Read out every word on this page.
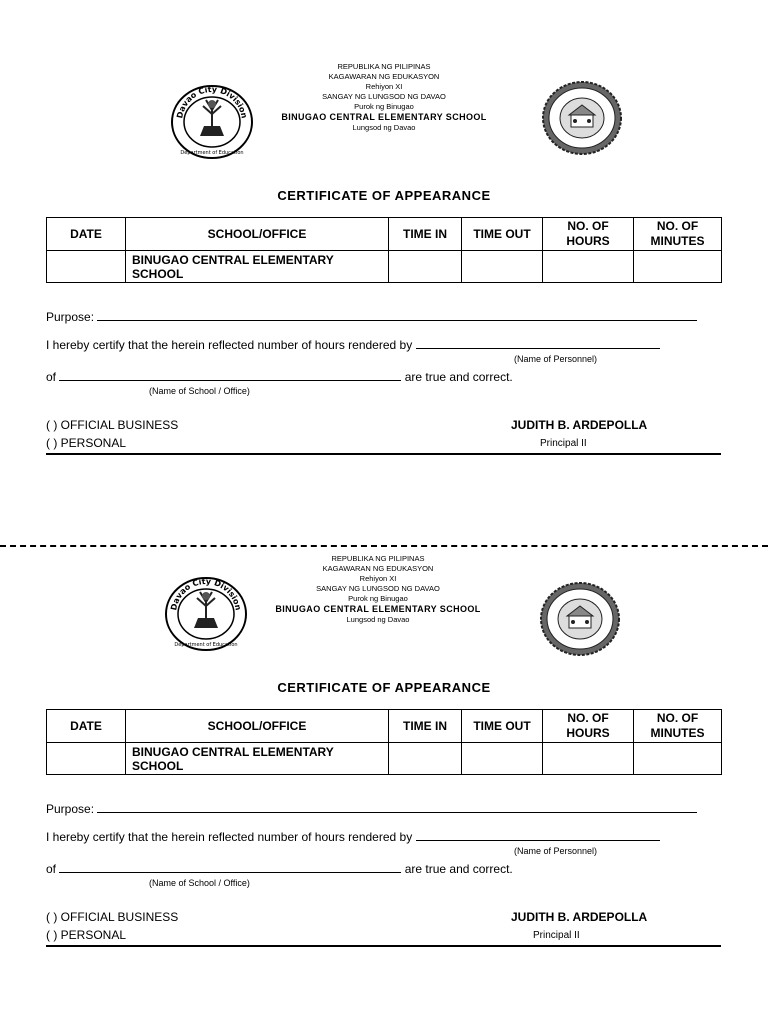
Davao City Division
Department of Education
REPUBLIKA NG PILIPINAS
KAGAWARAN NG EDUKASYON
Rehiyon XI
SANGAY NG LUNGSOD NG DAVAO
Purok ng Binugao
BINUGAO CENTRAL ELEMENTARY SCHOOL
Lungsod ng Davao
CERTIFICATE OF APPEARANCE
DATE	SCHOOL/OFFICE	TIME IN	TIME OUT	NO. OF HOURS	NO. OF MINUTES
	BINUGAO CENTRAL ELEMENTARY SCHOOL				
Purpose:
I hereby certify that the herein reflected number of hours rendered by
(Name of Personnel)
of	are true and correct.
(Name of School / Office)
( ) OFFICIAL BUSINESS
( ) PERSONAL
JUDITH B. ARDEPOLLA
Principal II
Davao City Division
Department of Education
REPUBLIKA NG PILIPINAS
KAGAWARAN NG EDUKASYON
Rehiyon XI
SANGAY NG LUNGSOD NG DAVAO
Purok ng Binugao
BINUGAO CENTRAL ELEMENTARY SCHOOL
Lungsod ng Davao
CERTIFICATE OF APPEARANCE
DATE	SCHOOL/OFFICE	TIME IN	TIME OUT	NO. OF HOURS	NO. OF MINUTES
	BINUGAO CENTRAL ELEMENTARY SCHOOL				
Purpose:
I hereby certify that the herein reflected number of hours rendered by
(Name of Personnel)
of	are true and correct.
(Name of School / Office)
( ) OFFICIAL BUSINESS
( ) PERSONAL
JUDITH B. ARDEPOLLA
Principal II
